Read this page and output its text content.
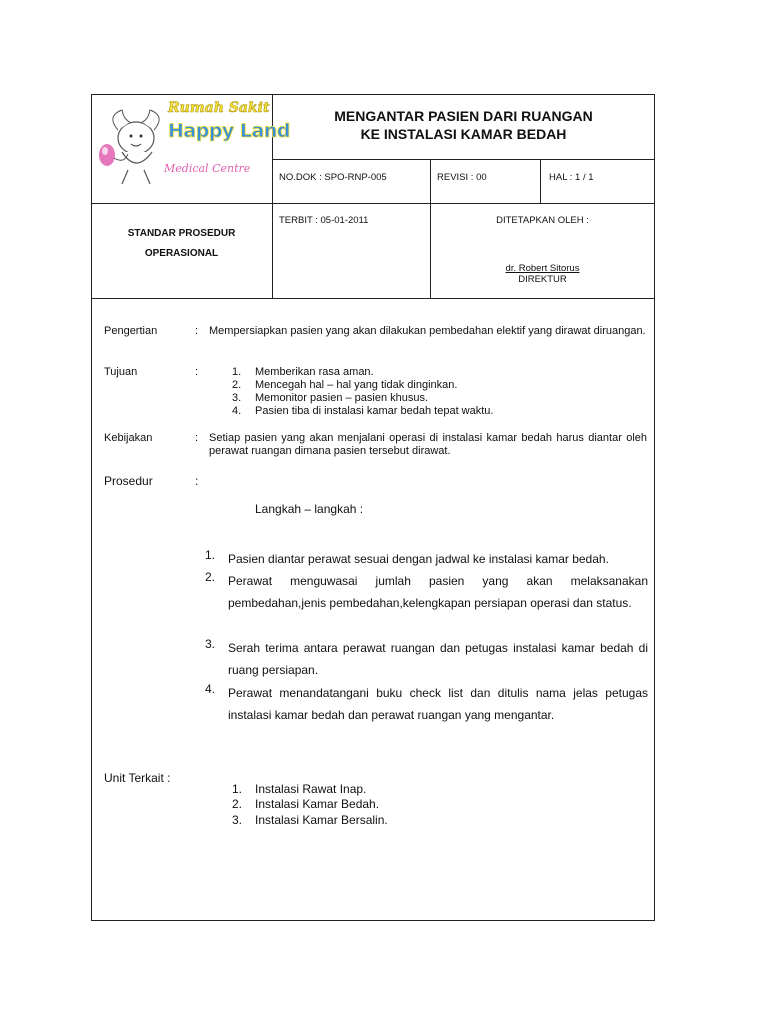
Rumah Sakit
Happy Land
Medical Centre
MENGANTAR PASIEN DARI RUANGAN
KE INSTALASI KAMAR BEDAH
NO.DOK : SPO-RNP-005	REVISI : 00	HAL : 1 / 1
STANDAR PROSEDUR
OPERASIONAL
TERBIT : 05-01-2011	DITETAPKAN OLEH :
dr. Robert Sitorus
DIREKTUR
Pengertian	: Mempersiapkan pasien yang akan dilakukan pembedahan elektif yang dirawat diruangan.
Tujuan	:	1. Memberikan rasa aman.
2. Mencegah hal – hal yang tidak dinginkan.
3. Memonitor pasien – pasien khusus.
4. Pasien tiba di instalasi kamar bedah tepat waktu.
Kebijakan	: Setiap pasien yang akan menjalani operasi di instalasi kamar bedah harus diantar oleh perawat ruangan dimana pasien tersebut dirawat.
Prosedur	:
Langkah – langkah :
1. Pasien diantar perawat sesuai dengan jadwal ke instalasi kamar bedah.
2. Perawat menguwasai jumlah pasien yang akan melaksanakan pembedahan,jenis pembedahan,kelengkapan persiapan operasi dan status.
3. Serah terima antara perawat ruangan dan petugas instalasi kamar bedah di ruang persiapan.
4. Perawat menandatangani buku check list dan ditulis nama jelas petugas instalasi kamar bedah dan perawat ruangan yang mengantar.
Unit Terkait :
1. Instalasi Rawat Inap.
2. Instalasi Kamar Bedah.
3. Instalasi Kamar Bersalin.
